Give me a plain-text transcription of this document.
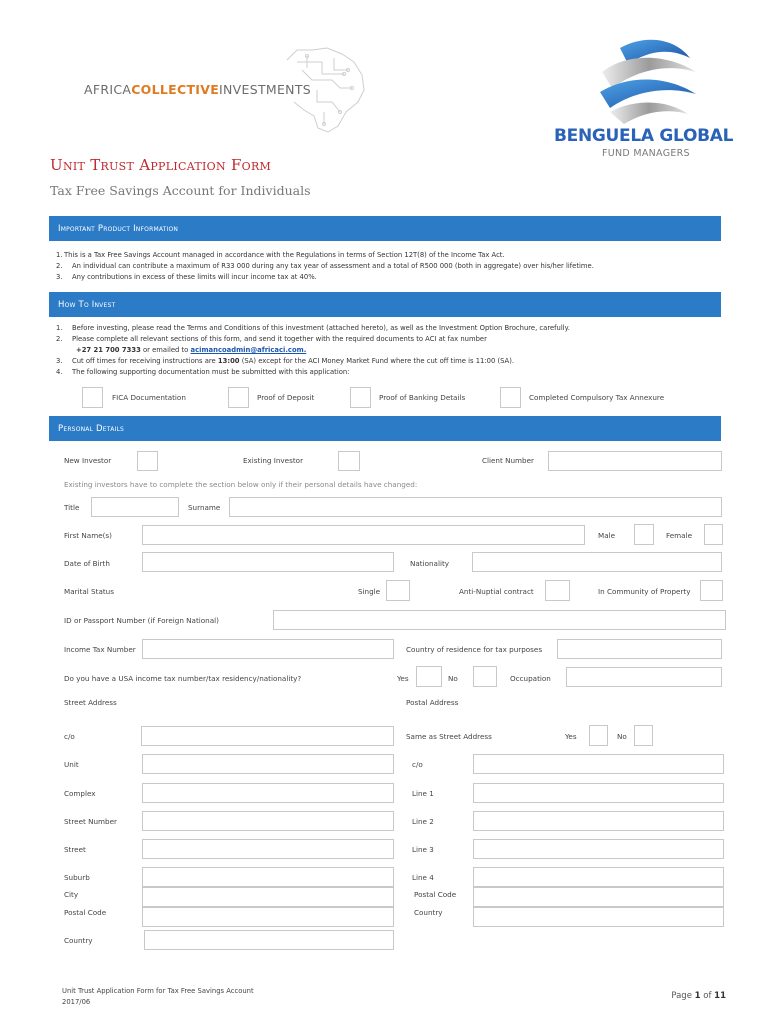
AFRICACOLLECTIVEINVESTMENTS
BENGUELA GLOBAL
FUND MANAGERS
Unit Trust Application Form
Tax Free Savings Account for Individuals
Important Product Information
1. This is a Tax Free Savings Account managed in accordance with the Regulations in terms of Section 12T(8) of the Income Tax Act.
2. An individual can contribute a maximum of R33 000 during any tax year of assessment and a total of R500 000 (both in aggregate) over his/her lifetime.
3. Any contributions in excess of these limits will incur income tax at 40%.
How To Invest
1. Before investing, please read the Terms and Conditions of this investment (attached hereto), as well as the Investment Option Brochure, carefully.
2. Please complete all relevant sections of this form, and send it together with the required documents to ACI at fax number
+27 21 700 7333 or emailed to acimancoadmin@africaci.com.
3. Cut off times for receiving instructions are 13:00 (SA) except for the ACI Money Market Fund where the cut off time is 11:00 (SA).
4. The following supporting documentation must be submitted with this application:
FICA Documentation	Proof of Deposit	Proof of Banking Details	Completed Compulsory Tax Annexure
Personal Details
New Investor	Existing Investor	Client Number
Existing investors have to complete the section below only if their personal details have changed:
Title	Surname
First Name(s)	Male	Female
Date of Birth	Nationality
Marital Status	Single	Anti-Nuptial contract	In Community of Property
ID or Passport Number (if Foreign National)
Income Tax Number	Country of residence for tax purposes
Do you have a USA income tax number/tax residency/nationality?	Yes	No	Occupation
Street Address	Postal Address
c/o	Same as Street Address	Yes	No
Unit	c/o
Complex	Line 1
Street Number	Line 2
Street	Line 3
Suburb	Line 4
City	Postal Code
Postal Code	Country
Country
Unit Trust Application Form for Tax Free Savings Account
2017/06
Page 1 of 11
